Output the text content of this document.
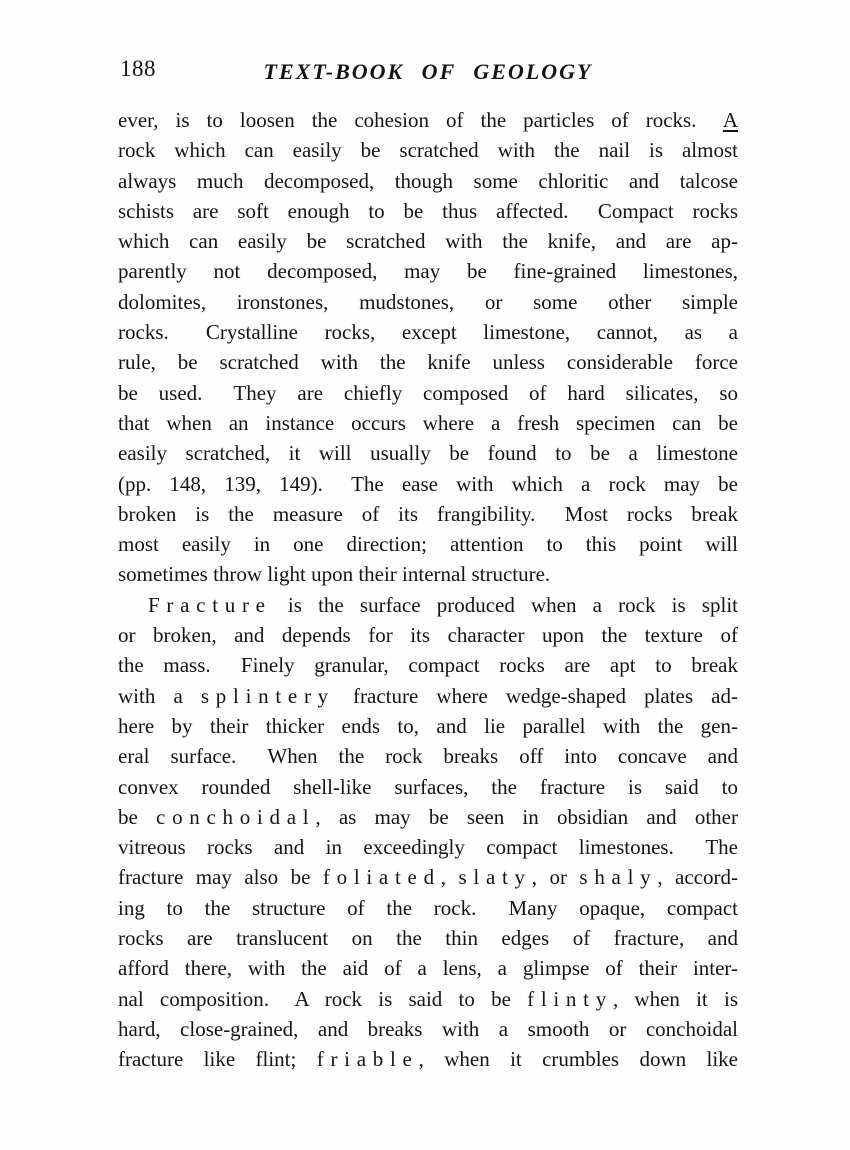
188	TEXT-BOOK OF GEOLOGY
ever, is to loosen the cohesion of the particles of rocks.  A
rock which can easily be scratched with the nail is almost
always much decomposed, though some chloritic and talcose
schists are soft enough to be thus affected.  Compact rocks
which can easily be scratched with the knife, and are ap-
parently not decomposed, may be fine-grained limestones,
dolomites, ironstones, mudstones, or some other simple
rocks.  Crystalline rocks, except limestone, cannot, as a
rule, be scratched with the knife unless considerable force
be used.  They are chiefly composed of hard silicates, so
that when an instance occurs where a fresh specimen can be
easily scratched, it will usually be found to be a limestone
(pp. 148, 139, 149).  The ease with which a rock may be
broken is the measure of its frangibility.  Most rocks break
most easily in one direction; attention to this point will
sometimes throw light upon their internal structure.
Fracture is the surface produced when a rock is split
or broken, and depends for its character upon the texture of
the mass.  Finely granular, compact rocks are apt to break
with a splintery fracture where wedge-shaped plates ad-
here by their thicker ends to, and lie parallel with the gen-
eral surface.  When the rock breaks off into concave and
convex rounded shell-like surfaces, the fracture is said to
be conchoidal, as may be seen in obsidian and other
vitreous rocks and in exceedingly compact limestones.  The
fracture may also be foliated, slaty, or shaly, accord-
ing to the structure of the rock.  Many opaque, compact
rocks are translucent on the thin edges of fracture, and
afford there, with the aid of a lens, a glimpse of their inter-
nal composition.  A rock is said to be flinty, when it is
hard, close-grained, and breaks with a smooth or conchoidal
fracture like flint; friable, when it crumbles down like
